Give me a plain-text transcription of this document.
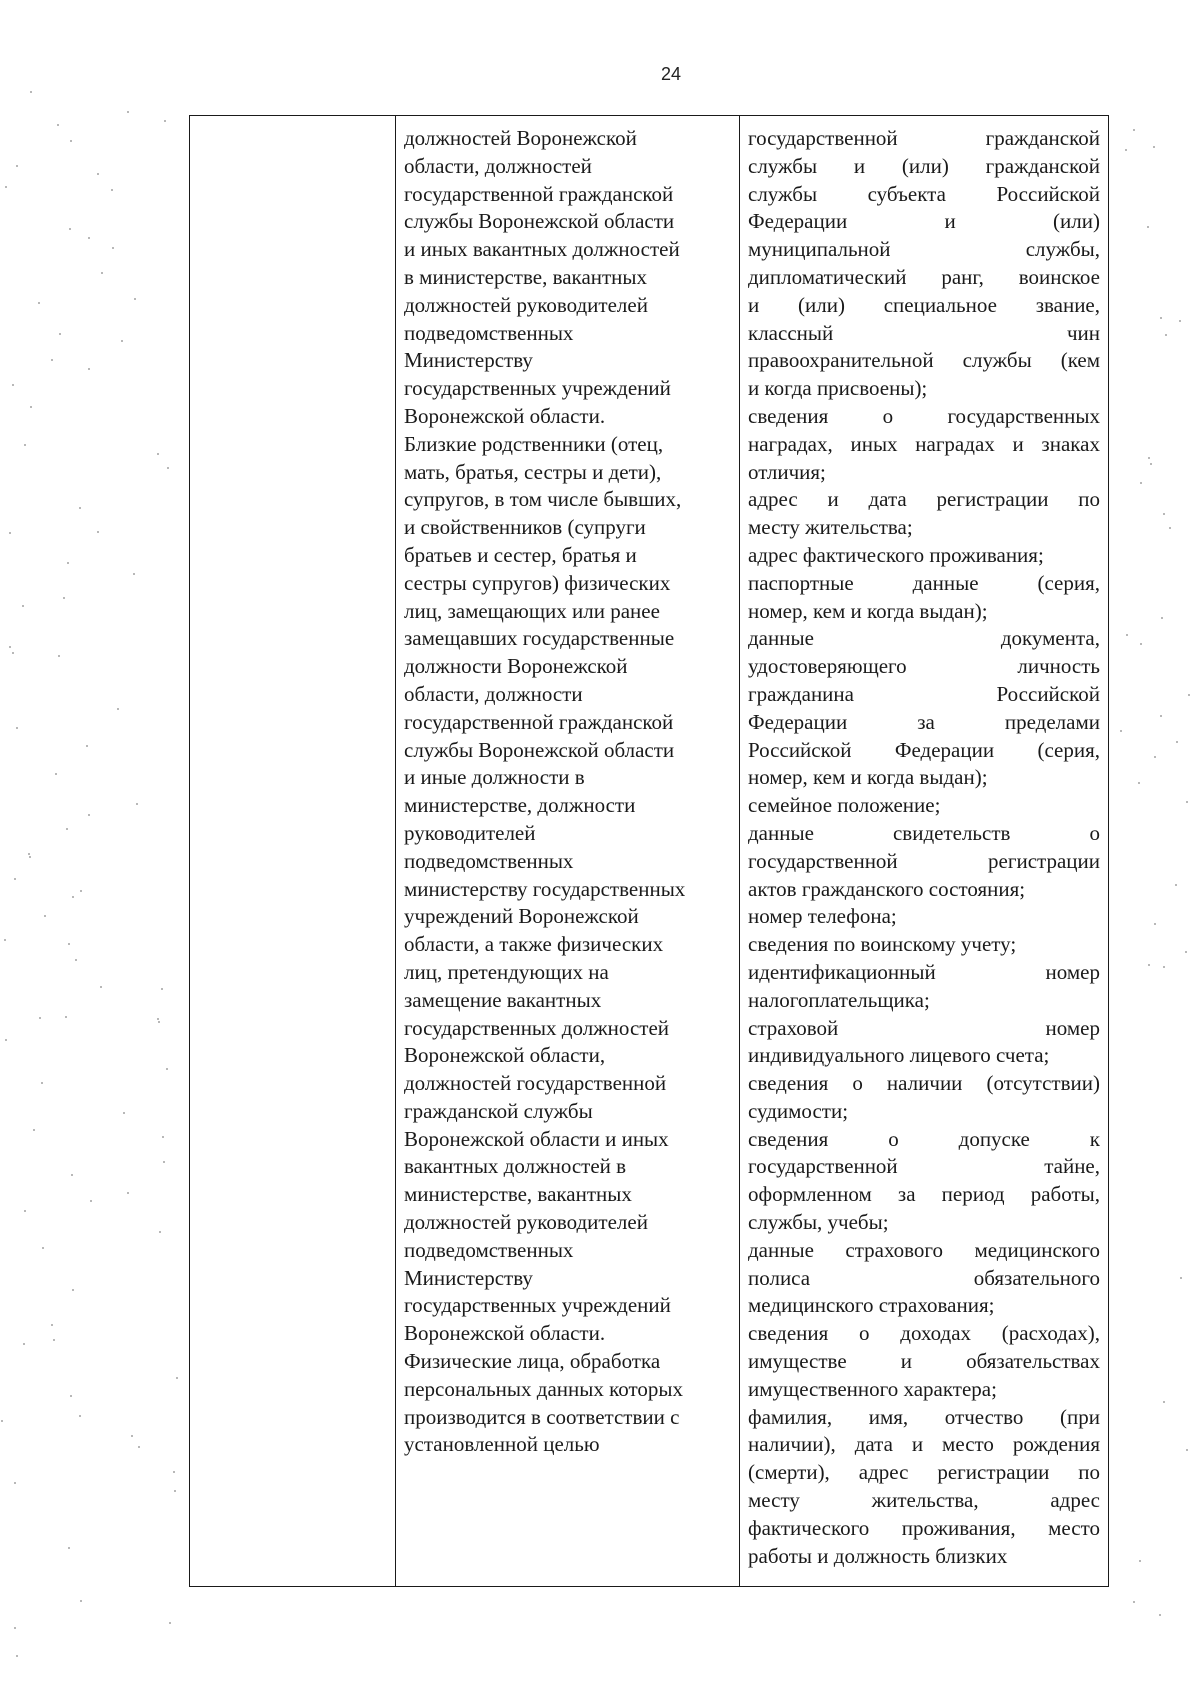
24
должностей Воронежской
области, должностей
государственной гражданской
службы Воронежской области
и иных вакантных должностей
в министерстве, вакантных
должностей руководителей
подведомственных
Министерству
государственных учреждений
Воронежской области.
Близкие родственники (отец,
мать, братья, сестры и дети),
супругов, в том числе бывших,
и свойственников (супруги
братьев и сестер, братья и
сестры супругов) физических
лиц, замещающих или ранее
замещавших государственные
должности Воронежской
области, должности
государственной гражданской
службы Воронежской области
и иные должности в
министерстве, должности
руководителей
подведомственных
министерству государственных
учреждений Воронежской
области, а также физических
лиц, претендующих на
замещение вакантных
государственных должностей
Воронежской области,
должностей государственной
гражданской службы
Воронежской области и иных
вакантных должностей в
министерстве, вакантных
должностей руководителей
подведомственных
Министерству
государственных учреждений
Воронежской области.
Физические лица, обработка
персональных данных которых
производится в соответствии с
установленной целью
государственной гражданской
службы и (или) гражданской
службы субъекта Российской
Федерации и (или)
муниципальной службы,
дипломатический ранг, воинское
и (или) специальное звание,
классный чин
правоохранительной службы (кем
и когда присвоены);
сведения о государственных
наградах, иных наградах и знаках
отличия;
адрес и дата регистрации по
месту жительства;
адрес фактического проживания;
паспортные данные (серия,
номер, кем и когда выдан);
данные документа,
удостоверяющего личность
гражданина Российской
Федерации за пределами
Российской Федерации (серия,
номер, кем и когда выдан);
семейное положение;
данные свидетельств о
государственной регистрации
актов гражданского состояния;
номер телефона;
сведения по воинскому учету;
идентификационный номер
налогоплательщика;
страховой номер
индивидуального лицевого счета;
сведения о наличии (отсутствии)
судимости;
сведения о допуске к
государственной тайне,
оформленном за период работы,
службы, учебы;
данные страхового медицинского
полиса обязательного
медицинского страхования;
сведения о доходах (расходах),
имуществе и обязательствах
имущественного характера;
фамилия, имя, отчество (при
наличии), дата и место рождения
(смерти), адрес регистрации по
месту жительства, адрес
фактического проживания, место
работы и должность близких
